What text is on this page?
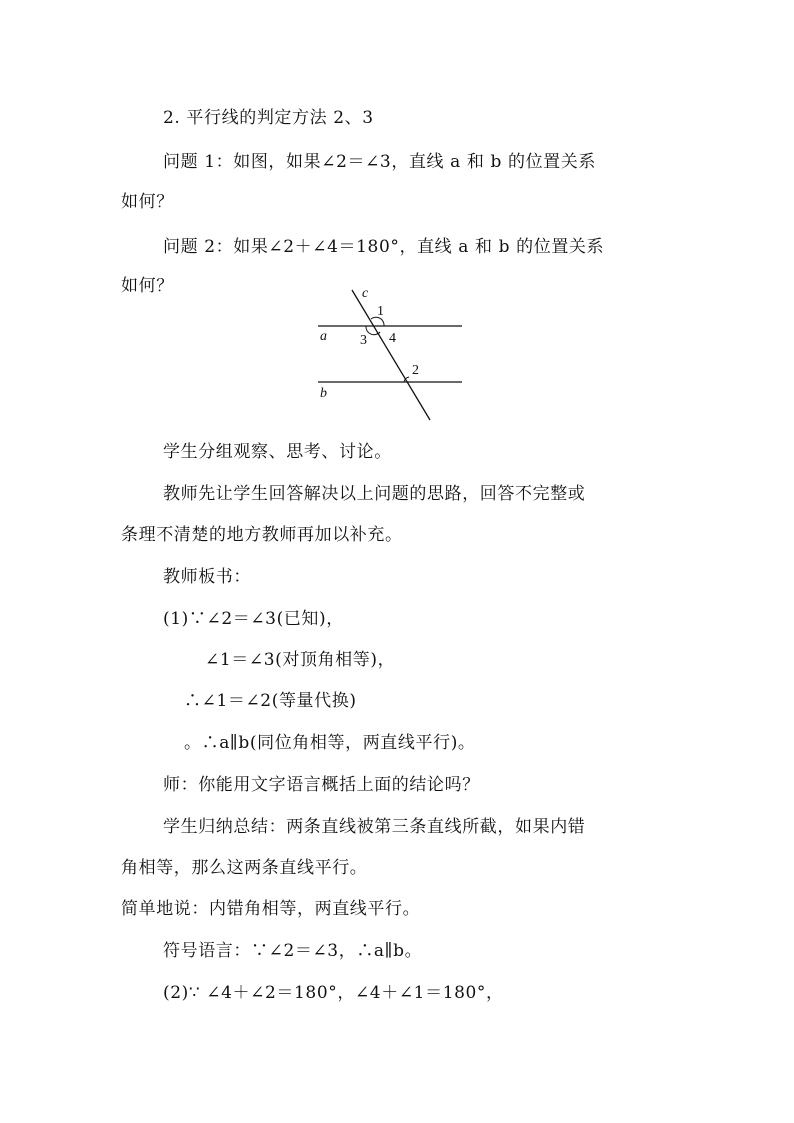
2. 平行线的判定方法 2、3
问题 1：如图，如果∠2＝∠3，直线 a 和 b 的位置关系
如何？
问题 2：如果∠2＋∠4＝180°，直线 a 和 b 的位置关系
如何？	c
1
a 3 4
2
b
学生分组观察、思考、讨论。
教师先让学生回答解决以上问题的思路，回答不完整或
条理不清楚的地方教师再加以补充。
教师板书：
(1)∵∠2＝∠3(已知)，
∠1＝∠3(对顶角相等)，
∴∠1＝∠2(等量代换)
。∴a∥b(同位角相等，两直线平行)。
师：你能用文字语言概括上面的结论吗？
学生归纳总结：两条直线被第三条直线所截，如果内错
角相等，那么这两条直线平行。
简单地说：内错角相等，两直线平行。
符号语言：∵∠2＝∠3，∴a∥b。
(2)∵ ∠4＋∠2＝180°，∠4＋∠1＝180°，
